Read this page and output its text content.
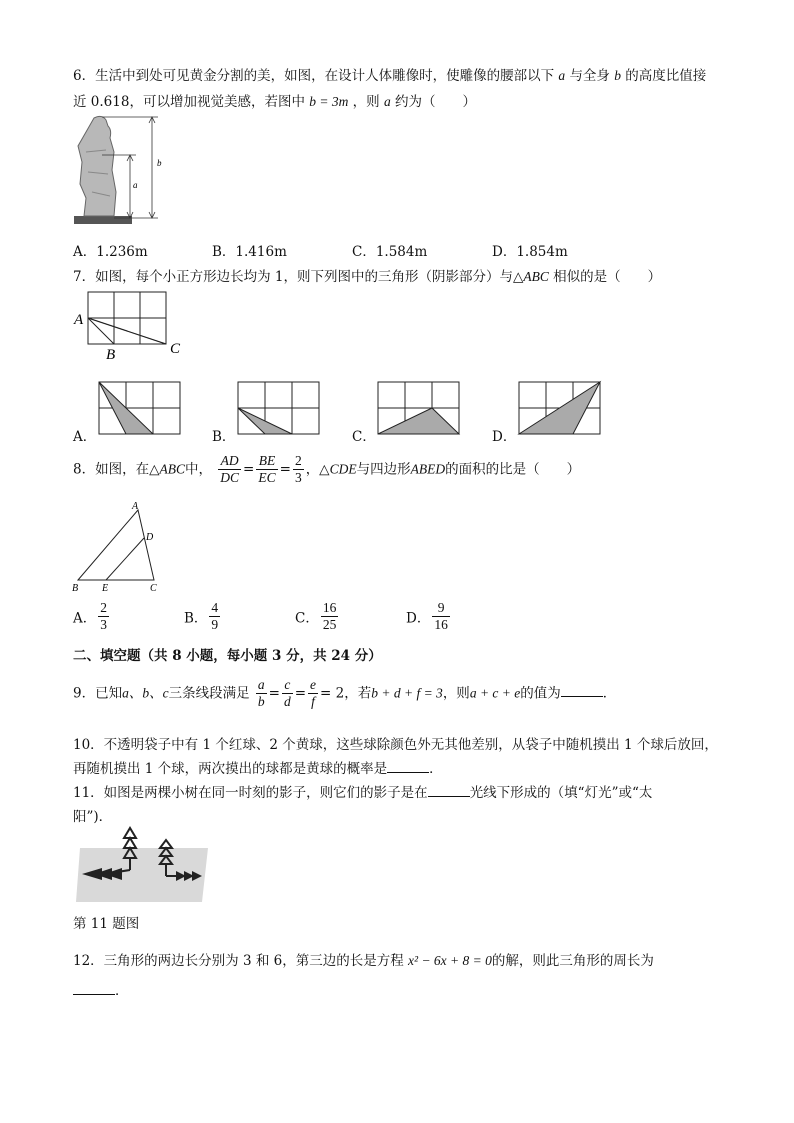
6．生活中到处可见黄金分割的美，如图，在设计人体雕像时，使雕像的腰部以下 a 与全身 b 的高度比值接
近 0.618，可以增加视觉美感，若图中 b = 3m ，则 a 约为（　　）
b
a
A．1.236m	B．1.416m	C．1.584m	D．1.854m
7．如图，每个小正方形边长均为 1，则下列图中的三角形（阴影部分）与△ABC 相似的是（　　）
A
B	C
A．	B．	C．	D．
8．如图，在△ABC中， $\frac{AD}{DC} = \frac{BE}{EC} = \frac{2}{3}$ ，△CDE与四边形ABED的面积的比是（　　）
A
D
B E	C
A． $\frac{2}{3}$	B． $\frac{4}{9}$	C． $\frac{16}{25}$	D． $\frac{9}{16}$
二、填空题（共 8 小题，每小题 3 分，共 24 分）
9．已知a、b、c三条线段满足 $\frac{a}{b} = \frac{c}{d} = \frac{e}{f} = 2$，若b + d + f = 3，则a + c + e的值为	．
10．不透明袋子中有 1 个红球、2 个黄球，这些球除颜色外无其他差别，从袋子中随机摸出 1 个球后放回，
再随机摸出 1 个球，两次摸出的球都是黄球的概率是	．
11．如图是两棵小树在同一时刻的影子，则它们的影子是在	光线下形成的（填“灯光”或“太
阳”)．
第 11 题图
12．三角形的两边长分别为 3 和 6，第三边的长是方程 x² − 6x + 8 = 0的解，则此三角形的周长为
．
